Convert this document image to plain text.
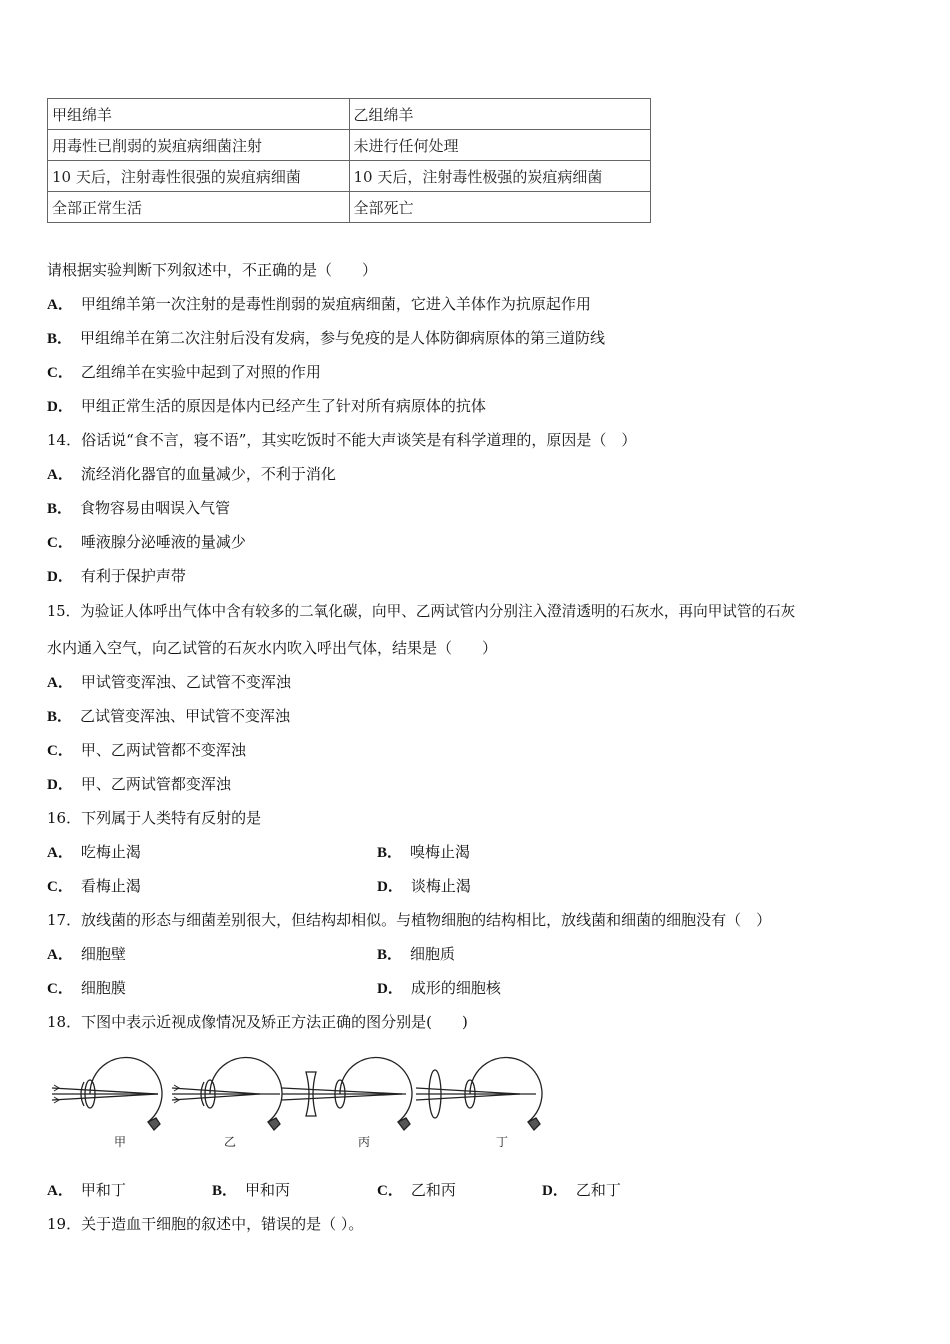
甲组绵羊	乙组绵羊
用毒性已削弱的炭疽病细菌注射	未进行任何处理
10 天后，注射毒性很强的炭疽病细菌	10 天后，注射毒性极强的炭疽病细菌
全部正常生活	全部死亡
请根据实验判断下列叙述中，不正确的是（　　）
A． 甲组绵羊第一次注射的是毒性削弱的炭疽病细菌，它进入羊体作为抗原起作用
B． 甲组绵羊在第二次注射后没有发病，参与免疫的是人体防御病原体的第三道防线
C． 乙组绵羊在实验中起到了对照的作用
D． 甲组正常生活的原因是体内已经产生了针对所有病原体的抗体
14．俗话说“食不言，寝不语”，其实吃饭时不能大声谈笑是有科学道理的，原因是（　）
A． 流经消化器官的血量减少，不利于消化
B． 食物容易由咽误入气管
C． 唾液腺分泌唾液的量减少
D． 有利于保护声带
15．为验证人体呼出气体中含有较多的二氧化碳，向甲、乙两试管内分别注入澄清透明的石灰水，再向甲试管的石灰
水内通入空气，向乙试管的石灰水内吹入呼出气体，结果是（　　）
A． 甲试管变浑浊、乙试管不变浑浊
B． 乙试管变浑浊、甲试管不变浑浊
C． 甲、乙两试管都不变浑浊
D． 甲、乙两试管都变浑浊
16．下列属于人类特有反射的是
A． 吃梅止渴	B． 嗅梅止渴
C． 看梅止渴	D． 谈梅止渴
17．放线菌的形态与细菌差别很大，但结构却相似。与植物细胞的结构相比，放线菌和细菌的细胞没有（　）
A． 细胞壁	B． 细胞质
C． 细胞膜	D． 成形的细胞核
18．下图中表示近视成像情况及矫正方法正确的图分别是(　　)
甲	乙	丙	丁
A． 甲和丁	B． 甲和丙	C． 乙和丙	D． 乙和丁
19．关于造血干细胞的叙述中，错误的是（ ）。
